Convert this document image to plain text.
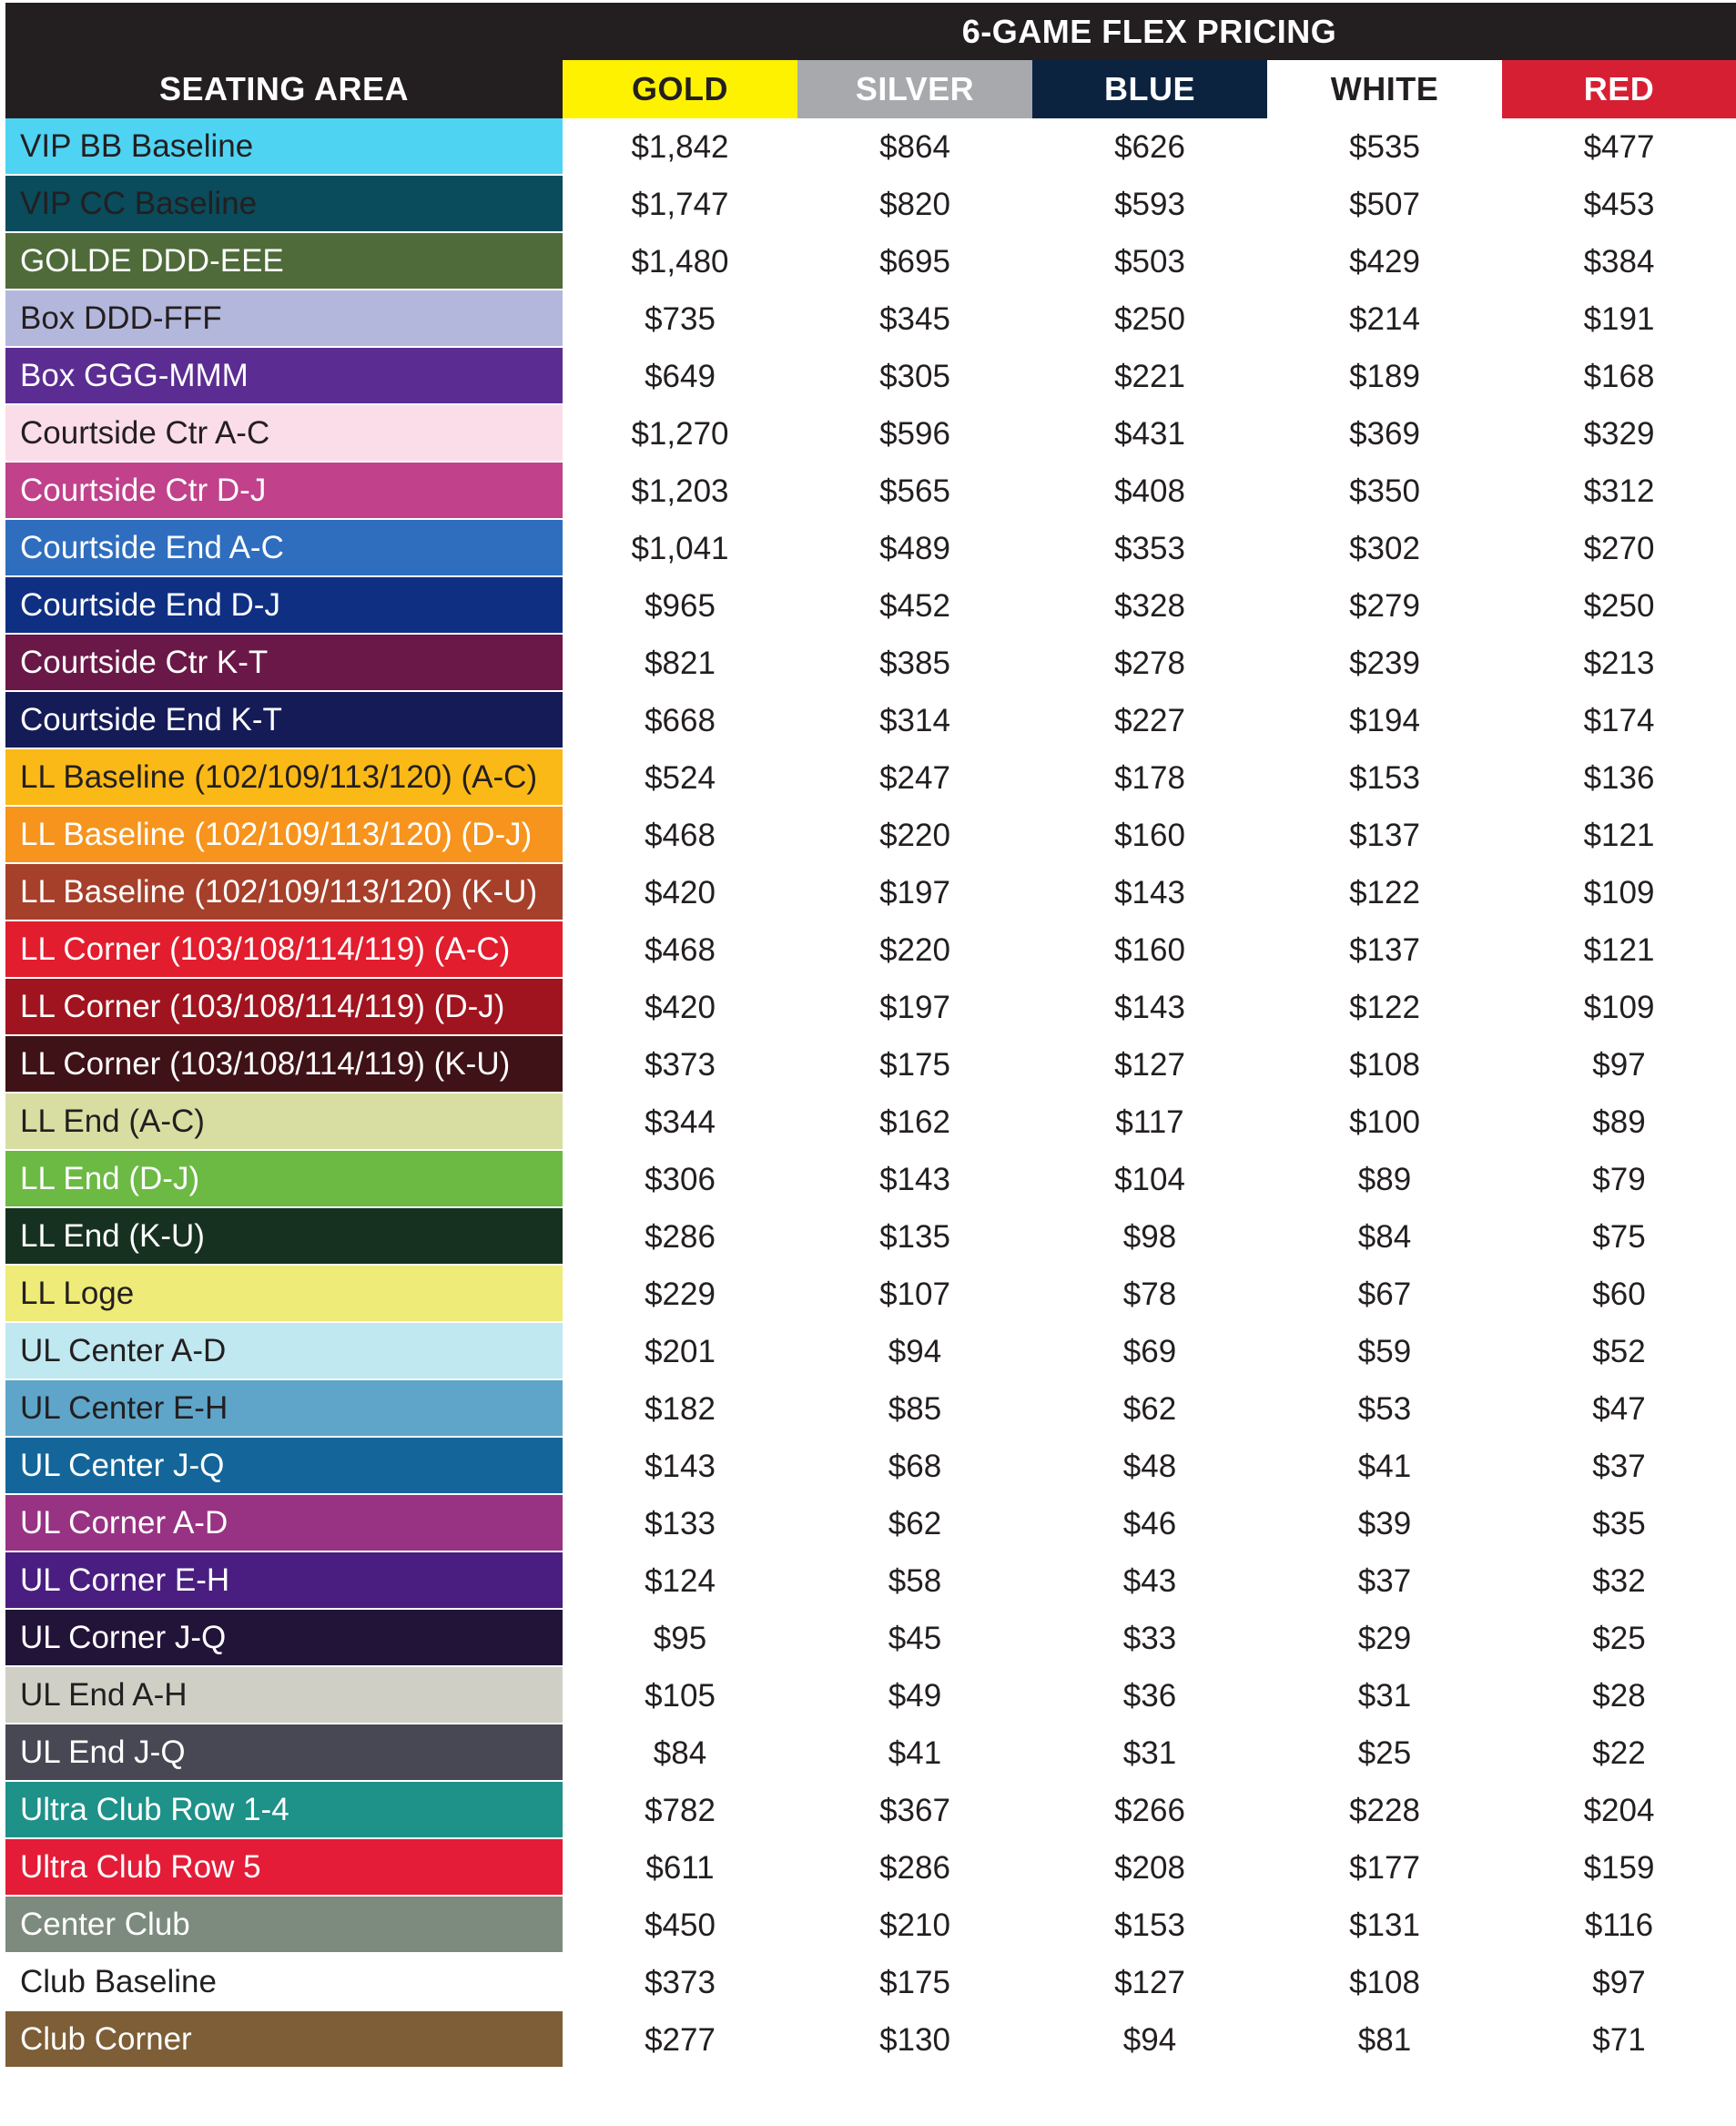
6-GAME FLEX PRICING
SEATING AREA	GOLD	SILVER	BLUE	WHITE	RED
VIP BB Baseline	$1,842	$864	$626	$535	$477
VIP CC Baseline	$1,747	$820	$593	$507	$453
GOLDE DDD-EEE	$1,480	$695	$503	$429	$384
Box DDD-FFF	$735	$345	$250	$214	$191
Box GGG-MMM	$649	$305	$221	$189	$168
Courtside Ctr A-C	$1,270	$596	$431	$369	$329
Courtside Ctr D-J	$1,203	$565	$408	$350	$312
Courtside End A-C	$1,041	$489	$353	$302	$270
Courtside End D-J	$965	$452	$328	$279	$250
Courtside Ctr K-T	$821	$385	$278	$239	$213
Courtside End K-T	$668	$314	$227	$194	$174
LL Baseline (102/109/113/120) (A-C)	$524	$247	$178	$153	$136
LL Baseline (102/109/113/120) (D-J)	$468	$220	$160	$137	$121
LL Baseline (102/109/113/120) (K-U)	$420	$197	$143	$122	$109
LL Corner (103/108/114/119) (A-C)	$468	$220	$160	$137	$121
LL Corner (103/108/114/119) (D-J)	$420	$197	$143	$122	$109
LL Corner (103/108/114/119) (K-U)	$373	$175	$127	$108	$97
LL End (A-C)	$344	$162	$117	$100	$89
LL End (D-J)	$306	$143	$104	$89	$79
LL End (K-U)	$286	$135	$98	$84	$75
LL Loge	$229	$107	$78	$67	$60
UL Center A-D	$201	$94	$69	$59	$52
UL Center E-H	$182	$85	$62	$53	$47
UL Center J-Q	$143	$68	$48	$41	$37
UL Corner A-D	$133	$62	$46	$39	$35
UL Corner E-H	$124	$58	$43	$37	$32
UL Corner J-Q	$95	$45	$33	$29	$25
UL End A-H	$105	$49	$36	$31	$28
UL End J-Q	$84	$41	$31	$25	$22
Ultra Club Row 1-4	$782	$367	$266	$228	$204
Ultra Club Row 5	$611	$286	$208	$177	$159
Center Club	$450	$210	$153	$131	$116
Club Baseline	$373	$175	$127	$108	$97
Club Corner	$277	$130	$94	$81	$71
